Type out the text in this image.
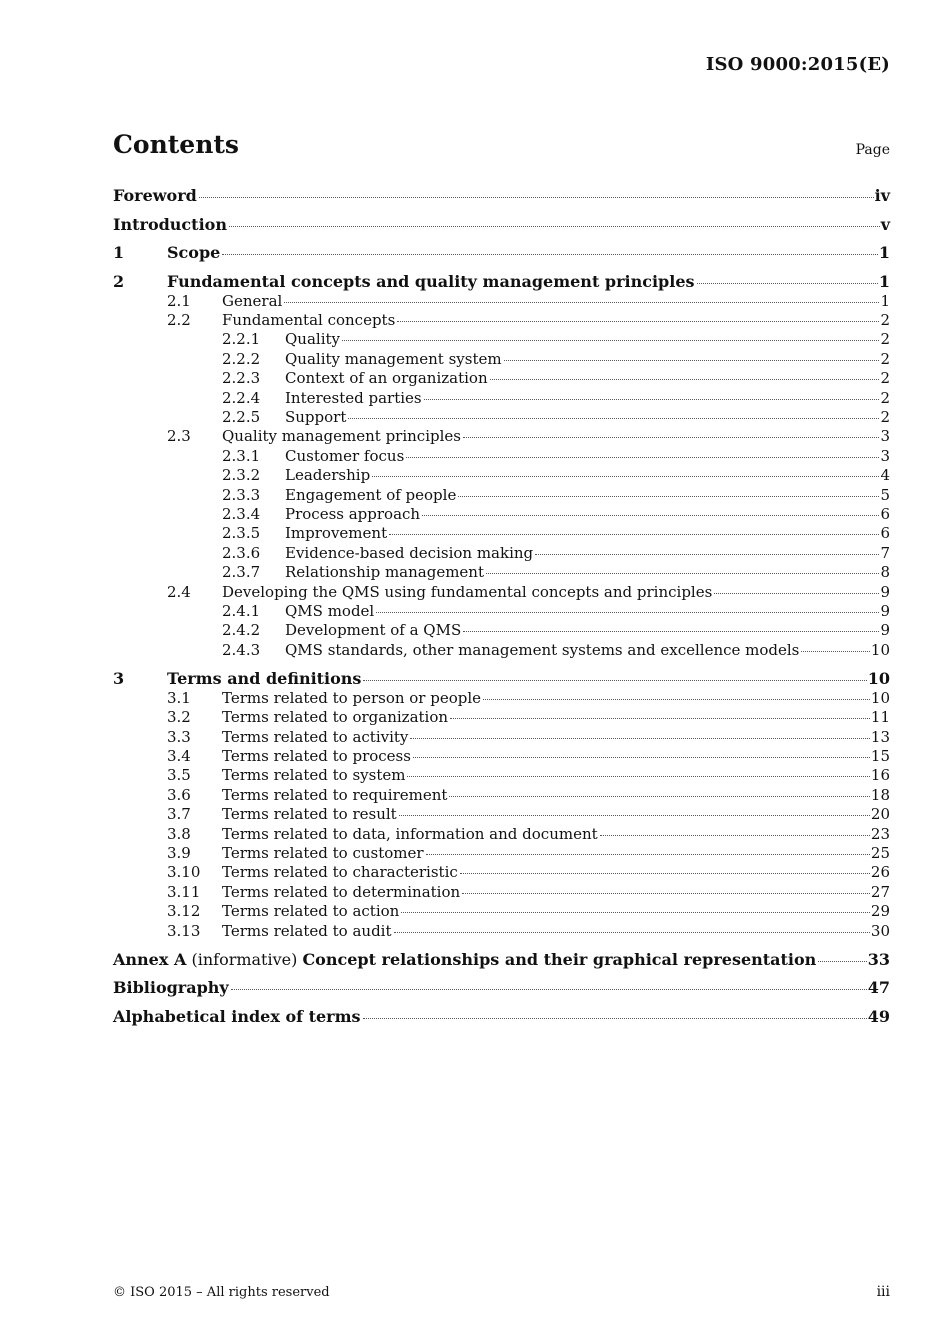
ISO 9000:2015(E)
Contents	Page
Foreword	iv
Introduction	v
1	Scope	1
2	Fundamental concepts and quality management principles	1
2.1	General	1
2.2	Fundamental concepts	2
2.2.1	Quality	2
2.2.2	Quality management system	2
2.2.3	Context of an organization	2
2.2.4	Interested parties	2
2.2.5	Support	2
2.3	Quality management principles	3
2.3.1	Customer focus	3
2.3.2	Leadership	4
2.3.3	Engagement of people	5
2.3.4	Process approach	6
2.3.5	Improvement	6
2.3.6	Evidence-based decision making	7
2.3.7	Relationship management	8
2.4	Developing the QMS using fundamental concepts and principles	9
2.4.1	QMS model	9
2.4.2	Development of a QMS	9
2.4.3	QMS standards, other management systems and excellence models	10
3	Terms and definitions	10
3.1	Terms related to person or people	10
3.2	Terms related to organization	11
3.3	Terms related to activity	13
3.4	Terms related to process	15
3.5	Terms related to system	16
3.6	Terms related to requirement	18
3.7	Terms related to result	20
3.8	Terms related to data, information and document	23
3.9	Terms related to customer	25
3.10	Terms related to characteristic	26
3.11	Terms related to determination	27
3.12	Terms related to action	29
3.13	Terms related to audit	30
Annex A (informative) Concept relationships and their graphical representation	33
Bibliography	47
Alphabetical index of terms	49
© ISO 2015 – All rights reserved	iii
